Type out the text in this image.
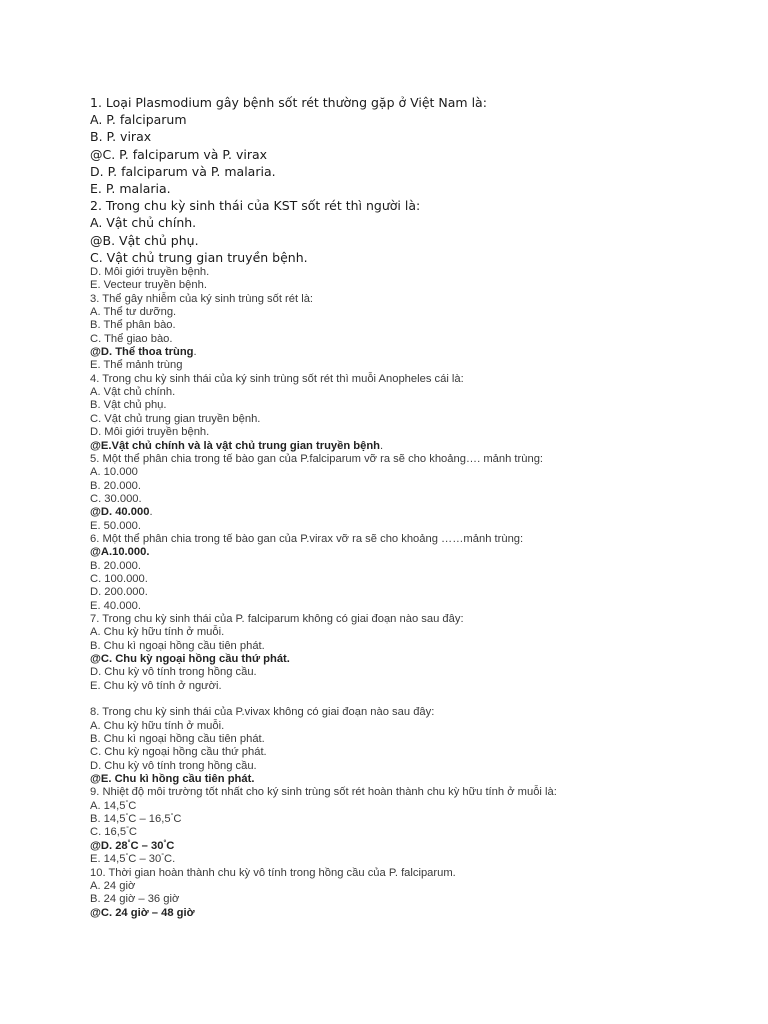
1. Loại Plasmodium gây bệnh sốt rét thường gặp ở Việt Nam là:
A. P. falciparum
B. P. virax
@C. P. falciparum và P. virax
D. P. falciparum và P. malaria.
E. P. malaria.
2. Trong chu kỳ sinh thái của KST sốt rét thì người là:
A. Vật chủ chính.
@B. Vật chủ phụ.
C. Vật chủ trung gian truyền bệnh.
D. Môi giới truyền bệnh.
E. Vecteur truyền bệnh.
3. Thể gây nhiễm của ký sinh trùng sốt rét là:
A. Thể tư dưỡng.
B. Thể phân bào.
C. Thể giao bào.
@D. Thể thoa trùng.
E. Thể mảnh trùng
4. Trong chu kỳ sinh thái của ký sinh trùng sốt rét thì muỗi Anopheles cái là:
A. Vật chủ chính.
B. Vật chủ phụ.
C. Vật chủ trung gian truyền bệnh.
D. Môi giới truyền bệnh.
@E.Vật chủ chính và là vật chủ trung gian truyền bệnh.
5. Một thể phân chia trong tế bào gan của P.falciparum vỡ ra sẽ cho khoảng…. mảnh trùng:
A. 10.000
B. 20.000.
C. 30.000.
@D. 40.000.
E. 50.000.
6. Một thể phân chia trong tế bào gan của P.virax vỡ ra sẽ cho khoảng ……mảnh trùng:
@A.10.000.
B. 20.000.
C. 100.000.
D. 200.000.
E. 40.000.
7. Trong chu kỳ sinh thái của P. falciparum không có giai đoạn nào sau đây:
A. Chu kỳ hữu tính ở muỗi.
B. Chu kì ngoại hồng cầu tiên phát.
@C. Chu kỳ ngoại hồng cầu thứ phát.
D. Chu kỳ vô tính trong hồng cầu.
E. Chu kỳ vô tính ở người.
8. Trong chu kỳ sinh thái của P.vivax không có giai đoạn nào sau đây:
A. Chu kỳ hữu tính ở muỗi.
B. Chu kì ngoại hồng cầu tiên phát.
C. Chu kỳ ngoại hồng cầu thứ phát.
D. Chu kỳ vô tính trong hồng cầu.
@E. Chu kì hồng cầu tiên phát.
9. Nhiệt độ môi trường tốt nhất cho ký sinh trùng sốt rét hoàn thành chu kỳ hữu tính ở muỗi là:
A. 14,5°C
B. 14,5°C – 16,5°C
C. 16,5°C
@D. 28°C – 30°C
E. 14,5°C – 30°C.
10. Thời gian hoàn thành chu kỳ vô tính trong hồng cầu của P. falciparum.
A. 24 giờ
B. 24 giờ – 36 giờ
@C. 24 giờ – 48 giờ
